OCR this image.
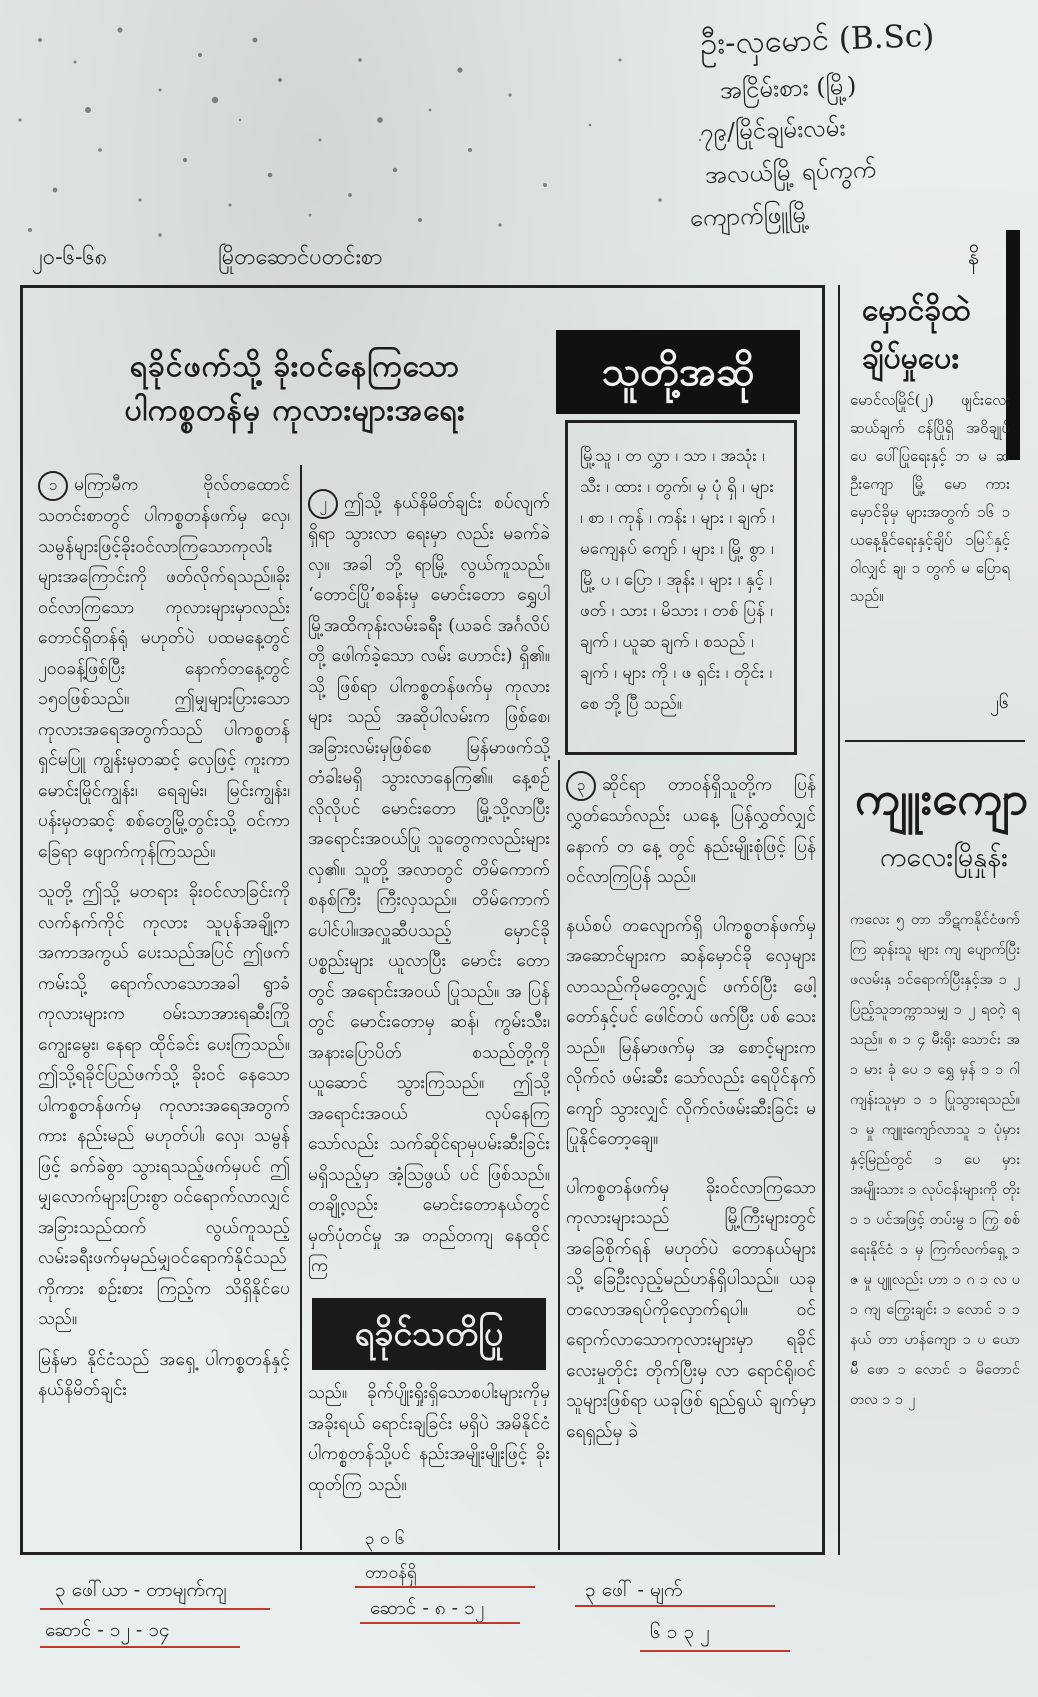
ဦး-လှမောင် (B.Sc)
အငြိမ်းစား (မြို့)
၇၉/မြိုင်ချမ်းလမ်း
အလယ်မြို့ ရပ်ကွက်
ကျောက်ဖြူမြို့
၂၀-၆-၆၈	မြိုတဆောင်ပတင်းစာ	နိ
ရခိုင်ဖက်သို့ ခိုးဝင်နေကြသော
ပါကစ္စတန်မှ ကုလားများအရေး

၁ မကြာမီက ဗိုလ်တထောင် သတင်းစာတွင် ပါကစ္စတန်ဖက်မှ လှေ၊ သမ္ဗန်များဖြင့်ခိုးဝင်လာကြသောကုလါးများအကြောင်းကို ဖတ်လိုက်ရသည်။ခိုးဝင်လာကြသော ကုလားများမှာလည်း တောင်ရှိတန်ရုံ မဟုတ်ပဲ ပထမနေ့တွင် ၂၀၀ခန့်ဖြစ်ပြီး နောက်တနေ့တွင် ၁၅၀ဖြစ်သည်။ ဤမျှများပြားသော ကုလားအရေအတွက်သည် ပါကစ္စတန် ရှင်မပြူ ကျွန်းမှတဆင့် လှေဖြင့် ကူးကာ မောင်းမြိုင်ကျွန်း၊ ရေချမ်း၊ မြင်းကျွန်း၊ ပန်းမှတဆင့် စစ်တွေမြို့တွင်းသို့ ဝင်ကာ ခြေရာ ဖျောက်ကုန်ကြသည်။

သူတို့ ဤသို့ မတရား ခိုးဝင်လာခြင်းကို လက်နက်ကိုင် ကုလား သူပုန်အချို့က အကာအကွယ် ပေးသည်အပြင် ဤဖက်ကမ်းသို့ ရောက်လာသောအခါ ရွာခံ ကုလားများက ဝမ်းသာအားရဆီးကြို ကျွေးမွေး၊ နေရာ ထိုင်ခင်း ပေးကြသည်။ ဤသို့ရခိုင်ပြည်ဖက်သို့ ခိုးဝင် နေသော ပါကစ္စတန်ဖက်မှ ကုလားအရေအတွက်ကား နည်းမည် မဟုတ်ပါ၊ လှေ၊ သမ္ဗန်ဖြင့် ခက်ခဲစွာ သွားရသည့်ဖက်မှပင် ဤမျှလောက်များပြားစွာ ဝင်ရောက်လာလျှင် အခြားသည်ထက် လွယ်ကူသည့် လမ်းခရီးဖက်မှမည်မျှဝင်ရောက်နိုင်သည်ကိုကား စဉ်းစား ကြည့်က သိရှိနိုင်ပေသည်။

မြန်မာ နိုင်ငံသည် အရှေ့ ပါကစ္စတန်နှင့် နယ်နိမိတ်ချင်း

၂ ဤသို့ နယ်နိမိတ်ချင်း စပ်လျက် ရှိရာ သွားလာ ရေးမှာ လည်း မခက်ခဲလှ။ အခါ ဘို့ ရာမြို့ လွယ်ကူသည်။ ‘တောင်ပြို’စခန်းမှ မောင်းတော ရွှေပါ မြို့အထိကုန်းလမ်းခရီး (ယခင် အင်္ဂလိပ်တို့ ဖေါက်ခဲ့သော လမ်း ဟောင်း) ရှိ၏။ သို့ ဖြစ်ရာ ပါကစ္စတန်ဖက်မှ ကုလားများ သည် အဆိုပါလမ်းက ဖြစ်စေ၊ အခြားလမ်းမှဖြစ်စေ မြန်မာဖက်သို့တံခါးမရှိ သွားလာနေကြ၏။ နေ့စဉ် လိုလိုပင် မောင်းတော မြို့သို့လာပြီး အရောင်းအဝယ်ပြု သူတွေကလည်းများလှ၏။ သူတို့ အလာတွင် တိမ်ကောက်စနစ်ကြီး ကြီးလှသည်။ တိမ်ကောက်ပေါင်ပါ။အလှူဆီပသည့် မှောင်ခို ပစ္စည်းများ ယူလာပြီး မောင်း တော တွင် အရောင်းအဝယ် ပြုသည်။ အ ပြန် တွင် မောင်းတောမှ ဆန်၊ ကွမ်းသီး၊ အနားပြောပိတ် စသည်တို့ကို ယူဆောင် သွားကြသည်။ ဤသို့ အရောင်းအဝယ် လုပ်နေကြ သော်လည်း သက်ဆိုင်ရာမှပမ်းဆီးခြင်းမရှိသည့်မှာ အံ့ဩဖွယ် ပင် ဖြစ်သည်။ တချို့လည်း မောင်းတောနယ်တွင်မှတ်ပုံတင်မှု အ တည်တကျ နေထိုင် ကြ

ရခိုင်သတိပြု

သည်။ ခိုက်ပျိုးရှိုးရှိသောစပါးများကိုမှအခိုးရယ် ရောင်းချခြင်း မရှိပဲ အမိနိုင်ငံပါကစ္စတန်သို့ပင် နည်းအမျိုးမျိုးဖြင့် ခိုးထုတ်ကြ သည်။

သူတို့အဆို
မြို့သူ ၊ တ လွှာ ၊ သာ ၊ အသုံး ၊ သီး ၊ ထား ၊ တွက်၊ မှ ပုံ ရှိ ၊ များ ၊ စာ ၊ ကုန် ၊ ကန်း ၊ များ ၊ ချက် ၊ မကျေနပ် ကျော် ၊ များ ၊ မြို့ စွာ ၊ မြို့ ပ ၊ ပြော ၊ အုန်း ၊ များ ၊ နှင့် ၊ ဖတ် ၊ သား ၊ မိသား ၊ တစ် ပြန် ၊ ချက် ၊ ယူဆ ချက် ၊ စသည် ၊ ချက် ၊ များ ကို ၊ ဖ ရှင်း ၊ တိုင်း ၊ စေ ဘို့ ပြီ သည်။

၃ ဆိုင်ရာ တာဝန်ရှိသူတို့က ပြန်လွှတ်သော်လည်း ယနေ့ ပြန်လွှတ်လျှင် နောက် တ နေ့ တွင် နည်းမျိုးစုံဖြင့် ပြန်ဝင်လာကြပြန် သည်။

နယ်စပ် တလျောက်ရှိ ပါကစ္စတန်ဖက်မှ အဆောင်များက ဆန်မှောင်ခို လှေများ လာသည်ကိုမတွေ့လျှင် ဖက်ဝ်ပြီး ဖေါ့ တော်နှင့်ပင် ဖေါင်တပ် ဖက်ပြီး ပစ် သေးသည်။ မြန်မာဖက်မှ အ စောင့်များကလိုက်လံ ဖမ်းဆီး သော်လည်း ရေပိုင်နက် ကျော် သွားလျှင် လိုက်လံဖမ်းဆီးခြင်း မပြုနိုင်တော့ချေ။

ပါကစ္စတန်ဖက်မှ ခိုးဝင်လာကြသော ကုလားများသည် မြို့ကြီးများတွင် အခြေစိုက်ရန် မဟုတ်ပဲ တောနယ်များသို့ ခြေဦးလှည့်မည်ဟန်ရှိပါသည်။ ယခုတလောအရပ်ကိုလှောက်ရပါ။ ဝင်ရောက်လာသောကုလားများမှာ ရခိုင်လေးမှုတိုင်း တိုက်ပြီးမှ လာ ရောင်ရို၊ဝင်သူများဖြစ်ရာ ယခုဖြစ် ရည်ရွယ် ချက်မှာ ရေရှည်မှ ခဲ

မှောင်ခိုထဲ
ချိပ်မှုပေး

မောင်လမြိုင်(၂) ဖျင်းလေးဆယ်ချက် ငန်ပြိုရှိ အဝိချုပ် ပေ ပေါ်ပြုရေးနှင့် ဘ မ ဆ ဦးကျော မြို့ မော ကား မှောင်ခိုမှ များအတွက် ၁၆ ၁ ယနေ့နိုင်ရေးနှင့်ချိပ် ၁မြ်နှင့်ဝါလျှင် ချ၊ ၁ တွက် မ ပြောရ သည်။

၂၆
ကျူးကျော
ကလေးမြိုနှုန်း

ကလေး ၅ တာ ဘိဋကနိုင်ငံဖက်ကြ ဆုန်းသူ များ ကျ ပျောက်ပြီး ဖလမ်းနှ ၁င်ရောက်ပြီးနှင့်အ ၁ ၂ ပြည့်သူဘက္ကာသမျှ ၁ ၂ ရဝဂဲ့ ရသည်။ ၈ ၁ ၄ မီးရိုး သောင်း အ ၁ မား ခုံ ပေ ၁ ရွှေ မှန် ၁ ၁ ဂါ ကျန်းသူမှာ ၁ ၁ ပြုသွားရသည်။ ၁ မှု ကျူးကျော်လာသူ ၁ ပုံမှားနှင့်မြည်တွင် ၁ ပေ မှား အမျိုးသား ၁ လုပ်ငန်းများကို တိုး ၁ ၁ ပင်အဖြင့် တပ်းမွ ၁ ကြှ စစ်ရေးနိုင်ငံ ၁ မှ ကြက်လက်ရှေ့ ၁ ဇ မှု ပျူလည်း ဟာ ၁ ဂ ၁ လ ပ ၁ ကျ ကြွေးချင်း ၁ လောင် ၁ ၁ နယ် တာ ဟန်ကျော ၁ ပ ယော မ်ီ ဖော ၁ လောင် ၁ မိတောင် တလ ၁ ၁ ၂

၃ ၀ ၆
၃ ဖေါ်ယာ - တာမျက်ကျ
ဆောင် - ၁၂ - ၁၄
တာဝန်ရှိ
ဆောင် - ၈ - ၁၂
၃ ဖေါ် - မျက်
၆ ၁ ၃ ၂
